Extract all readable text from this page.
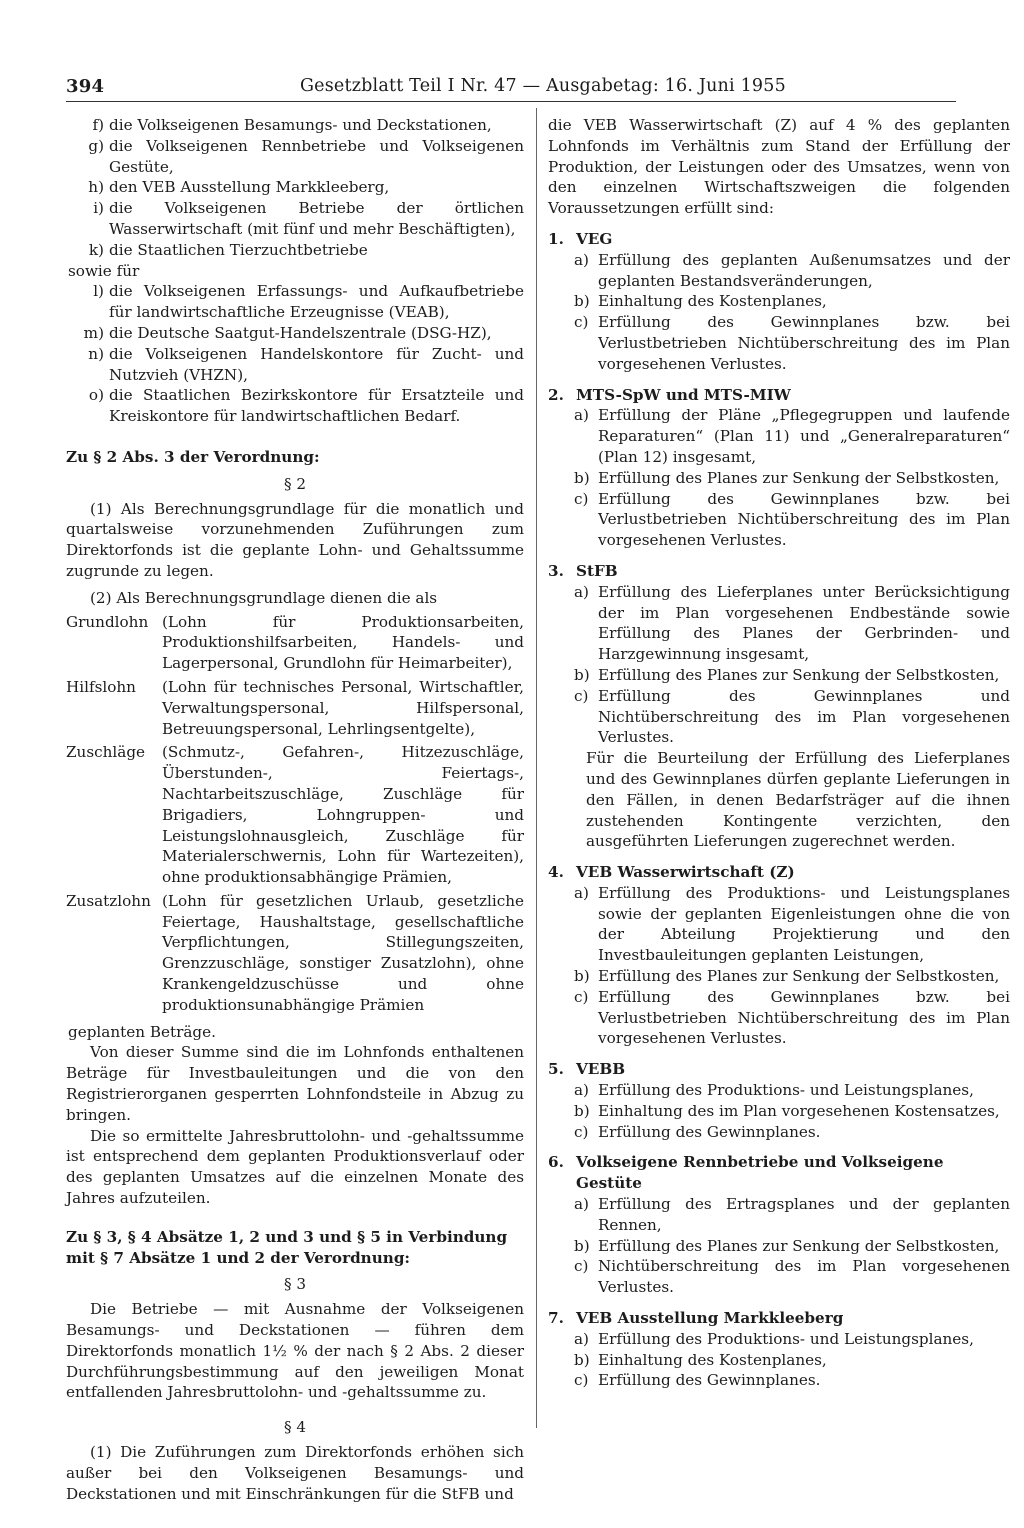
394	Gesetzblatt Teil I Nr. 47 — Ausgabetag: 16. Juni 1955
f) die Volkseigenen Besamungs- und Deckstationen,
g) die Volkseigenen Rennbetriebe und Volkseigenen Gestüte,
h) den VEB Ausstellung Markkleeberg,
i) die Volkseigenen Betriebe der örtlichen Wasserwirtschaft (mit fünf und mehr Beschäftigten),
k) die Staatlichen Tierzuchtbetriebe

sowie für

l) die Volkseigenen Erfassungs- und Aufkaufbetriebe für landwirtschaftliche Erzeugnisse (VEAB),
m) die Deutsche Saatgut-Handelszentrale (DSG-HZ),
n) die Volkseigenen Handelskontore für Zucht- und Nutzvieh (VHZN),
o) die Staatlichen Bezirkskontore für Ersatzteile und Kreiskontore für landwirtschaftlichen Bedarf.

Zu § 2 Abs. 3 der Verordnung:

§ 2

(1) Als Berechnungsgrundlage für die monatlich und quartalsweise vorzunehmenden Zuführungen zum Direktorfonds ist die geplante Lohn- und Gehaltssumme zugrunde zu legen.

(2) Als Berechnungsgrundlage dienen die als

Grundlohn (Lohn für Produktionsarbeiten, Produktionshilfsarbeiten, Handels- und Lagerpersonal, Grundlohn für Heimarbeiter),
Hilfslohn	(Lohn für technisches Personal, Wirtschaftler, Verwaltungspersonal, Hilfspersonal, Betreuungspersonal, Lehrlingsentgelte),
Zuschläge	(Schmutz-, Gefahren-, Hitzezuschläge, Überstunden-, Feiertags-, Nachtarbeitszuschläge, Zuschläge für Brigadiers, Lohngruppen- und Leistungslohnausgleich, Zuschläge für Materialerschwernis, Lohn für Wartezeiten), ohne produktionsabhängige Prämien,
Zusatzlohn (Lohn für gesetzlichen Urlaub, gesetzliche Feiertage, Haushaltstage, gesellschaftliche Verpflichtungen, Stillegungszeiten, Grenzzuschläge, sonstiger Zusatzlohn), ohne Krankengeldzuschüsse und ohne produktionsunabhängige Prämien

geplanten Beträge.

Von dieser Summe sind die im Lohnfonds enthaltenen Beträge für Investbauleitungen und die von den Registrierorganen gesperrten Lohnfondsteile in Abzug zu bringen.

Die so ermittelte Jahresbruttolohn- und -gehaltssumme ist entsprechend dem geplanten Produktionsverlauf oder des geplanten Umsatzes auf die einzelnen Monate des Jahres aufzuteilen.

Zu § 3, § 4 Absätze 1, 2 und 3 und § 5 in Verbindung mit § 7 Absätze 1 und 2 der Verordnung:

§ 3

Die Betriebe — mit Ausnahme der Volkseigenen Besamungs- und Deckstationen — führen dem Direktorfonds monatlich 1½ % der nach § 2 Abs. 2 dieser Durchführungsbestimmung auf den jeweiligen Monat entfallenden Jahresbruttolohn- und -gehaltssumme zu.

§ 4

(1) Die Zuführungen zum Direktorfonds erhöhen sich außer bei den Volkseigenen Besamungs- und Deckstationen und mit Einschränkungen für die StFB und

die VEB Wasserwirtschaft (Z) auf 4 % des geplanten Lohnfonds im Verhältnis zum Stand der Erfüllung der Produktion, der Leistungen oder des Umsatzes, wenn von den einzelnen Wirtschaftszweigen die folgenden Voraussetzungen erfüllt sind:

1. VEG
a) Erfüllung des geplanten Außenumsatzes und der geplanten Bestandsveränderungen,
b) Einhaltung des Kostenplanes,
c) Erfüllung des Gewinnplanes bzw. bei Verlustbetrieben Nichtüberschreitung des im Plan vorgesehenen Verlustes.
2. MTS-SpW und MTS-MIW
a) Erfüllung der Pläne „Pflegegruppen und laufende Reparaturen“ (Plan 11) und „Generalreparaturen“ (Plan 12) insgesamt,
b) Erfüllung des Planes zur Senkung der Selbstkosten,
c) Erfüllung des Gewinnplanes bzw. bei Verlustbetrieben Nichtüberschreitung des im Plan vorgesehenen Verlustes.
3. StFB
a) Erfüllung des Lieferplanes unter Berücksichtigung der im Plan vorgesehenen Endbestände sowie Erfüllung des Planes der Gerbrinden- und Harzgewinnung insgesamt,
b) Erfüllung des Planes zur Senkung der Selbstkosten,
c) Erfüllung des Gewinnplanes und Nichtüberschreitung des im Plan vorgesehenen Verlustes.

Für die Beurteilung der Erfüllung des Lieferplanes und des Gewinnplanes dürfen geplante Lieferungen in den Fällen, in denen Bedarfsträger auf die ihnen zustehenden Kontingente verzichten, den ausgeführten Lieferungen zugerechnet werden.

4. VEB Wasserwirtschaft (Z)
a) Erfüllung des Produktions- und Leistungsplanes sowie der geplanten Eigenleistungen ohne die von der Abteilung Projektierung und den Investbauleitungen geplanten Leistungen,
b) Erfüllung des Planes zur Senkung der Selbstkosten,
c) Erfüllung des Gewinnplanes bzw. bei Verlustbetrieben Nichtüberschreitung des im Plan vorgesehenen Verlustes.
5. VEBB
a) Erfüllung des Produktions- und Leistungsplanes,
b) Einhaltung des im Plan vorgesehenen Kostensatzes,
c) Erfüllung des Gewinnplanes.
6. Volkseigene Rennbetriebe und Volkseigene Gestüte
a) Erfüllung des Ertragsplanes und der geplanten Rennen,
b) Erfüllung des Planes zur Senkung der Selbstkosten,
c) Nichtüberschreitung des im Plan vorgesehenen Verlustes.
7. VEB Ausstellung Markkleeberg
a) Erfüllung des Produktions- und Leistungsplanes,
b) Einhaltung des Kostenplanes,
c) Erfüllung des Gewinnplanes.
